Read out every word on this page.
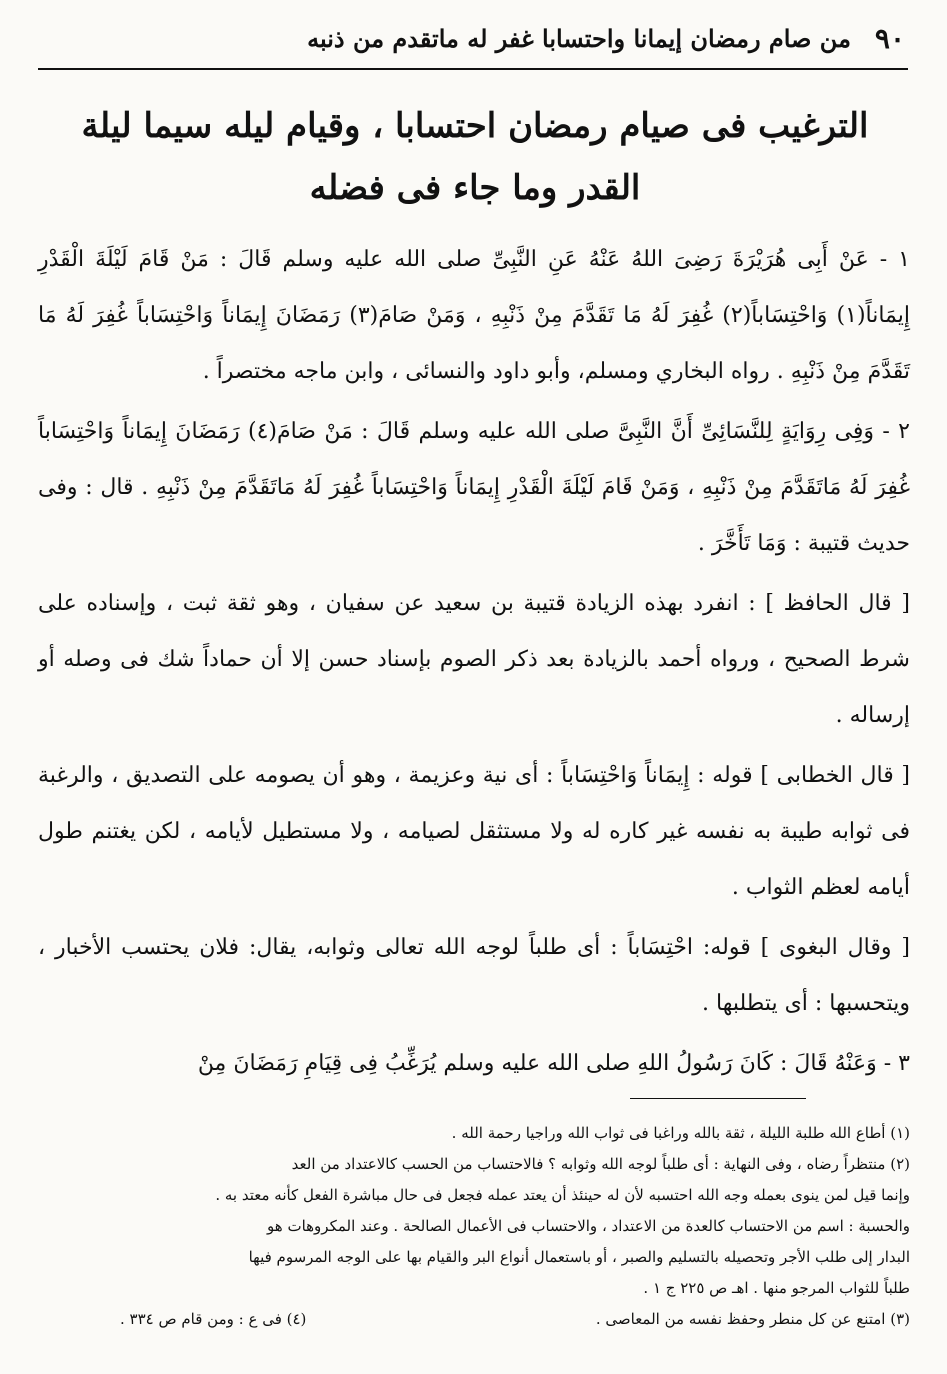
٩٠
من صام رمضان إيمانا واحتسابا غفر له ماتقدم من ذنبه
الترغيب فى صيام رمضان احتسابا ، وقيام ليله سيما ليلة القدر وما جاء فى فضله

١ - عَنْ أَبِى هُرَيْرَةَ رَضِىَ اللهُ عَنْهُ عَنِ النَّبِىِّ صلى الله عليه وسلم قَالَ : مَنْ قَامَ لَيْلَةَ الْقَدْرِ إِيمَاناً(١) وَاحْتِسَاباً(٢) غُفِرَ لَهُ مَا تَقَدَّمَ مِنْ ذَنْبِهِ ، وَمَنْ صَامَ(٣) رَمَضَانَ إِيمَاناً وَاحْتِسَاباً غُفِرَ لَهُ مَا تَقَدَّمَ مِنْ ذَنْبِهِ . رواه البخاري ومسلم، وأبو داود والنسائى ، وابن ماجه مختصراً .

٢ - وَفِى رِوَايَةٍ لِلنَّسَائِىِّ أَنَّ النَّبِىَّ صلى الله عليه وسلم قَالَ : مَنْ صَامَ(٤) رَمَضَانَ إِيمَاناً وَاحْتِسَاباً غُفِرَ لَهُ مَاتَقَدَّمَ مِنْ ذَنْبِهِ ، وَمَنْ قَامَ لَيْلَةَ الْقَدْرِ إِيمَاناً وَاحْتِسَاباً غُفِرَ لَهُ مَاتَقَدَّمَ مِنْ ذَنْبِهِ . قال : وفى حديث قتيبة : وَمَا تَأَخَّرَ .

[ قال الحافظ ] : انفرد بهذه الزيادة قتيبة بن سعيد عن سفيان ، وهو ثقة ثبت ، وإسناده على شرط الصحيح ، ورواه أحمد بالزيادة بعد ذكر الصوم بإسناد حسن إلا أن حماداً شك فى وصله أو إرساله .

[ قال الخطابى ] قوله : إِيمَاناً وَاحْتِسَاباً : أى نية وعزيمة ، وهو أن يصومه على التصديق ، والرغبة فى ثوابه طيبة به نفسه غير كاره له ولا مستثقل لصيامه ، ولا مستطيل لأيامه ، لكن يغتنم طول أيامه لعظم الثواب .

[ وقال البغوى ] قوله: احْتِسَاباً : أى طلباً لوجه الله تعالى وثوابه، يقال: فلان يحتسب الأخبار ، ويتحسبها : أى يتطلبها .

٣ - وَعَنْهُ قَالَ : كَانَ رَسُولُ اللهِ صلى الله عليه وسلم يُرَغِّبُ فِى قِيَامِ رَمَضَانَ مِنْ

(١) أطاع الله طلبة الليلة ، ثقة بالله وراغبا فى ثواب الله وراجيا رحمة الله .

(٢) منتظراً رضاه ، وفى النهاية : أى طلباً لوجه الله وثوابه ؟ فالاحتساب من الحسب كالاعتداد من العد

وإنما قيل لمن ينوى بعمله وجه الله احتسبه لأن له حينئذ أن يعتد عمله فجعل فى حال مباشرة الفعل كأنه معتد به .

والحسبة : اسم من الاحتساب كالعدة من الاعتداد ، والاحتساب فى الأعمال الصالحة . وعند المكروهات هو

البدار إلى طلب الأجر وتحصيله بالتسليم والصبر ، أو باستعمال أنواع البر والقيام بها على الوجه المرسوم فيها

طلباً للثواب المرجو منها . اهـ ص ٢٢٥ ج ١ .

(٣) امتنع عن كل منطر وحفظ نفسه من المعاصى .
(٤) فى ع : ومن قام ص ٣٣٤ .
